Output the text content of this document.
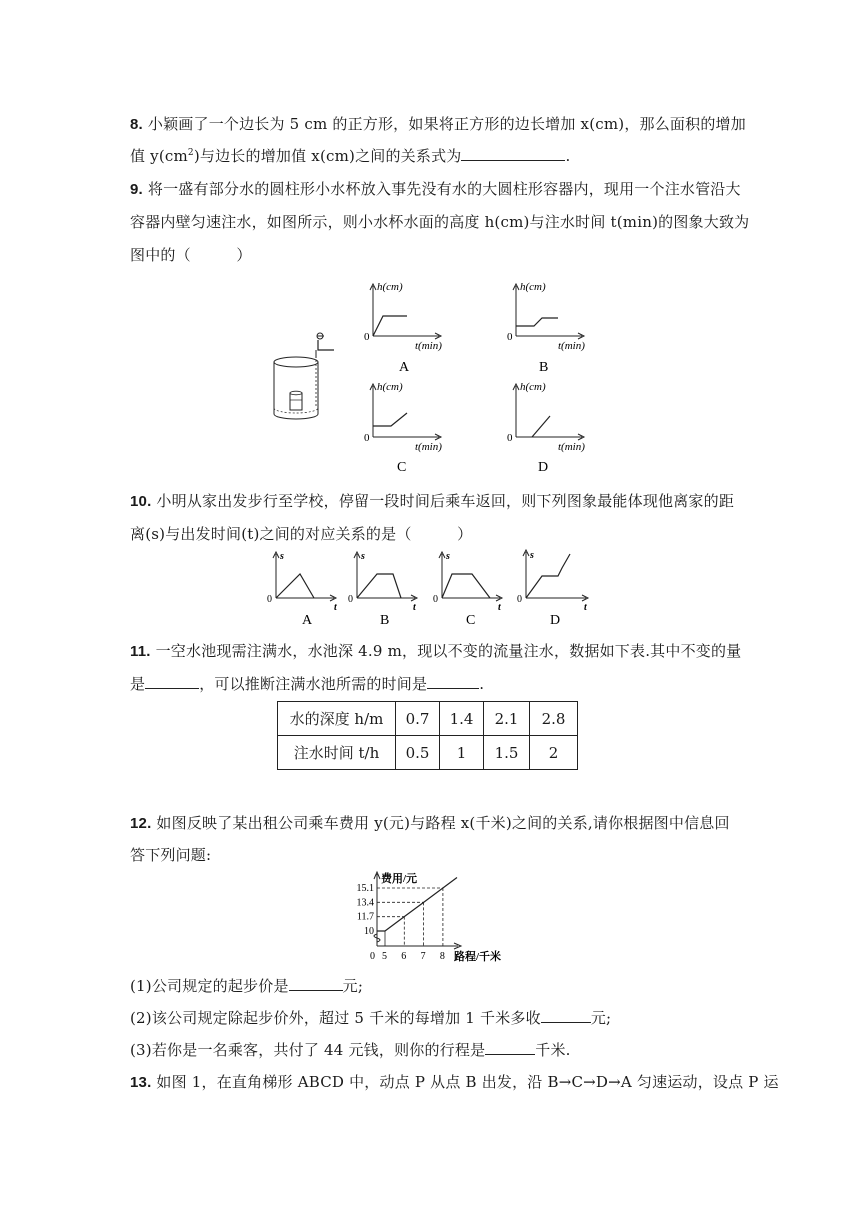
8. 小颖画了一个边长为 5 cm 的正方形，如果将正方形的边长增加 x(cm)，那么面积的增加
值 $y(cm^2)$与边长的增加值 x(cm)之间的关系式为	.
9. 将一盛有部分水的圆柱形小水杯放入事先没有水的大圆柱形容器内，现用一个注水管沿大
容器内壁匀速注水，如图所示，则小水杯水面的高度 h(cm)与注水时间 t(min)的图象大致为
图中的（　　　）
h(cm)
t(min)
0
A
h(cm)
t(min)
0
B
h(cm)
t(min)
0
C
h(cm)
t(min)
0
D
10. 小明从家出发步行至学校，停留一段时间后乘车返回，则下列图象最能体现他离家的距
离(s)与出发时间(t)之间的对应关系的是（　　　）
s
t
0
A
s
t
0
B
s
t
0
C
s
t
0
D
11. 一空水池现需注满水，水池深 4.9 m，现以不变的流量注水，数据如下表.其中不变的量
是	，可以推断注满水池所需的时间是	.
水的深度 h/m	0.7	1.4	2.1	2.8
注水时间 t/h	0.5	1	1.5	2
12. 如图反映了某出租公司乘车费用 y(元)与路程 x(千米)之间的关系,请你根据图中信息回
答下列问题:
费用/元
路程/千米
0 5 6 7 8
10
11.7
13.4
15.1
(1)公司规定的起步价是	元;
(2)该公司规定除起步价外，超过 5 千米的每增加 1 千米多收	元;
(3)若你是一名乘客，共付了 44 元钱，则你的行程是	千米.
13. 如图 1，在直角梯形 ABCD 中，动点 P 从点 B 出发，沿 B→C→D→A 匀速运动，设点 P 运
